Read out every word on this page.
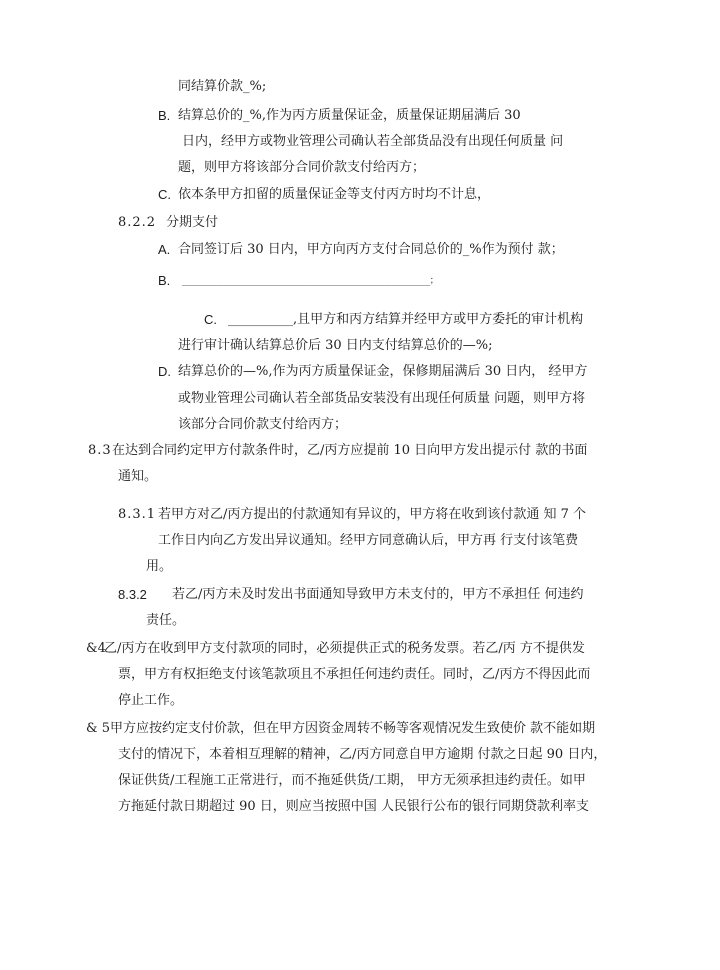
同结算价款_%;
B. 结算总价的_%,作为丙方质量保证金，质量保证期届满后 30
日内，经甲方或物业管理公司确认若全部货品没有出现任何质量 问
题，则甲方将该部分合同价款支付给丙方；
C. 依本条甲方扣留的质量保证金等支付丙方时均不计息，
8.2.2 分期支付
A. 合同签订后 30 日内，甲方向丙方支付合同总价的_%作为预付 款；
B. ___________________________________________________________；
C. __________,且甲方和丙方结算并经甲方或甲方委托的审计机构
进行审计确认结算总价后 30 日内支付结算总价的—%;
D. 结算总价的—%,作为丙方质量保证金，保修期届满后 30 日内， 经甲方
或物业管理公司确认若全部货品安装没有出现任何质量 问题，则甲方将
该部分合同价款支付给丙方；
8.3 在达到合同约定甲方付款条件时，乙/丙方应提前 10 日向甲方发出提示付 款的书面
通知。
8.3.1 若甲方对乙/丙方提出的付款通知有异议的，甲方将在收到该付款通 知 7 个
工作日内向乙方发出异议通知。经甲方同意确认后，甲方再 行支付该笔费
用。
8.3.2 若乙/丙方未及时发出书面通知导致甲方未支付的，甲方不承担任 何违约
责任。
&4
乙/丙方在收到甲方支付款项的同时，必须提供正式的税务发票。若乙/丙 方不提供发
票，甲方有权拒绝支付该笔款项且不承担任何违约责任。同时，乙/丙方不得因此而
停止工作。
& 5 甲方应按约定支付价款，但在甲方因资金周转不畅等客观情况发生致使价 款不能如期
支付的情况下，本着相互理解的精神，乙/丙方同意自甲方逾期 付款之日起 90 日内，
保证供货/工程施工正常进行，而不拖延供货/工期， 甲方无须承担违约责任。如甲
方拖延付款日期超过 90 日，则应当按照中国 人民银行公布的银行同期贷款利率支
